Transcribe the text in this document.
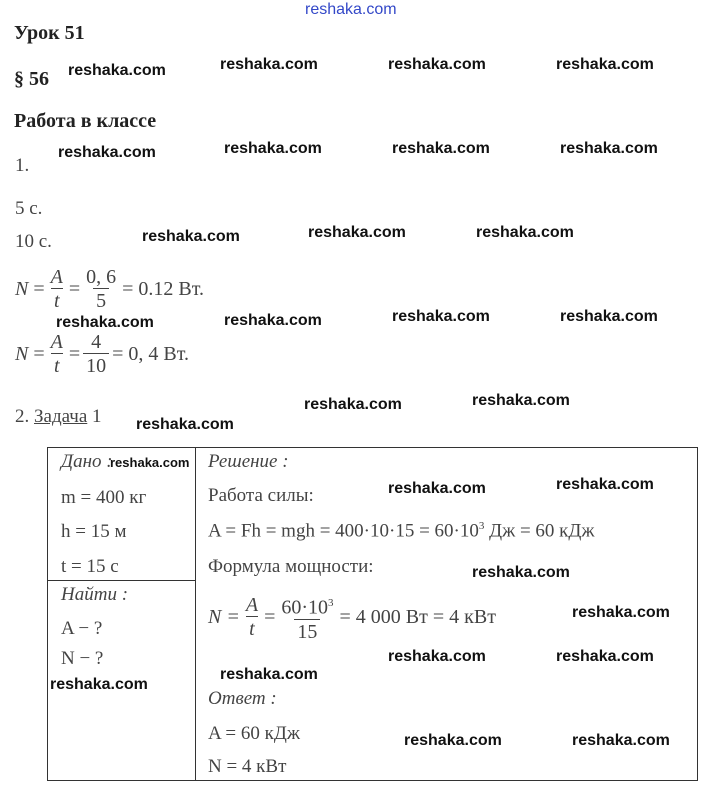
reshaka.com
Урок 51
§ 56
Работа в классе
1.
5 с.
10 с.
N
= $\frac{A}{t} = \frac{0, 6}{5} = 0.12$ Вт.
N
= $\frac{A}{t} = \frac{4}{10} = 0$, 4 Вт.
2. Задача 1
Дано :
m = 400 кг
h = 15 м
t = 15 с
Найти :
A − ?
N − ?
Решение :
Работа силы:
A = Fh = mgh = $400\cdot 10\cdot 15 = 60\cdot 10^3$ Дж = 60 кДж
Формула мощности:
$N = \frac{A}{t} = \frac{60\cdot 10^3}{15} = 4$ 000 Вт = 4 кВт
Ответ :
A = 60 кДж
N = 4 кВт
reshaka.com	reshaka.com	reshaka.com	reshaka.com
reshaka.com	reshaka.com	reshaka.com	reshaka.com
reshaka.com	reshaka.com	reshaka.com
reshaka.com	reshaka.com	reshaka.com	reshaka.com
reshaka.com
reshaka.com	reshaka.com
reshaka.com	reshaka.com
reshaka.com
reshaka.com
reshaka.com
reshaka.com	reshaka.com
reshaka.com
reshaka.com
reshaka.com	reshaka.com
